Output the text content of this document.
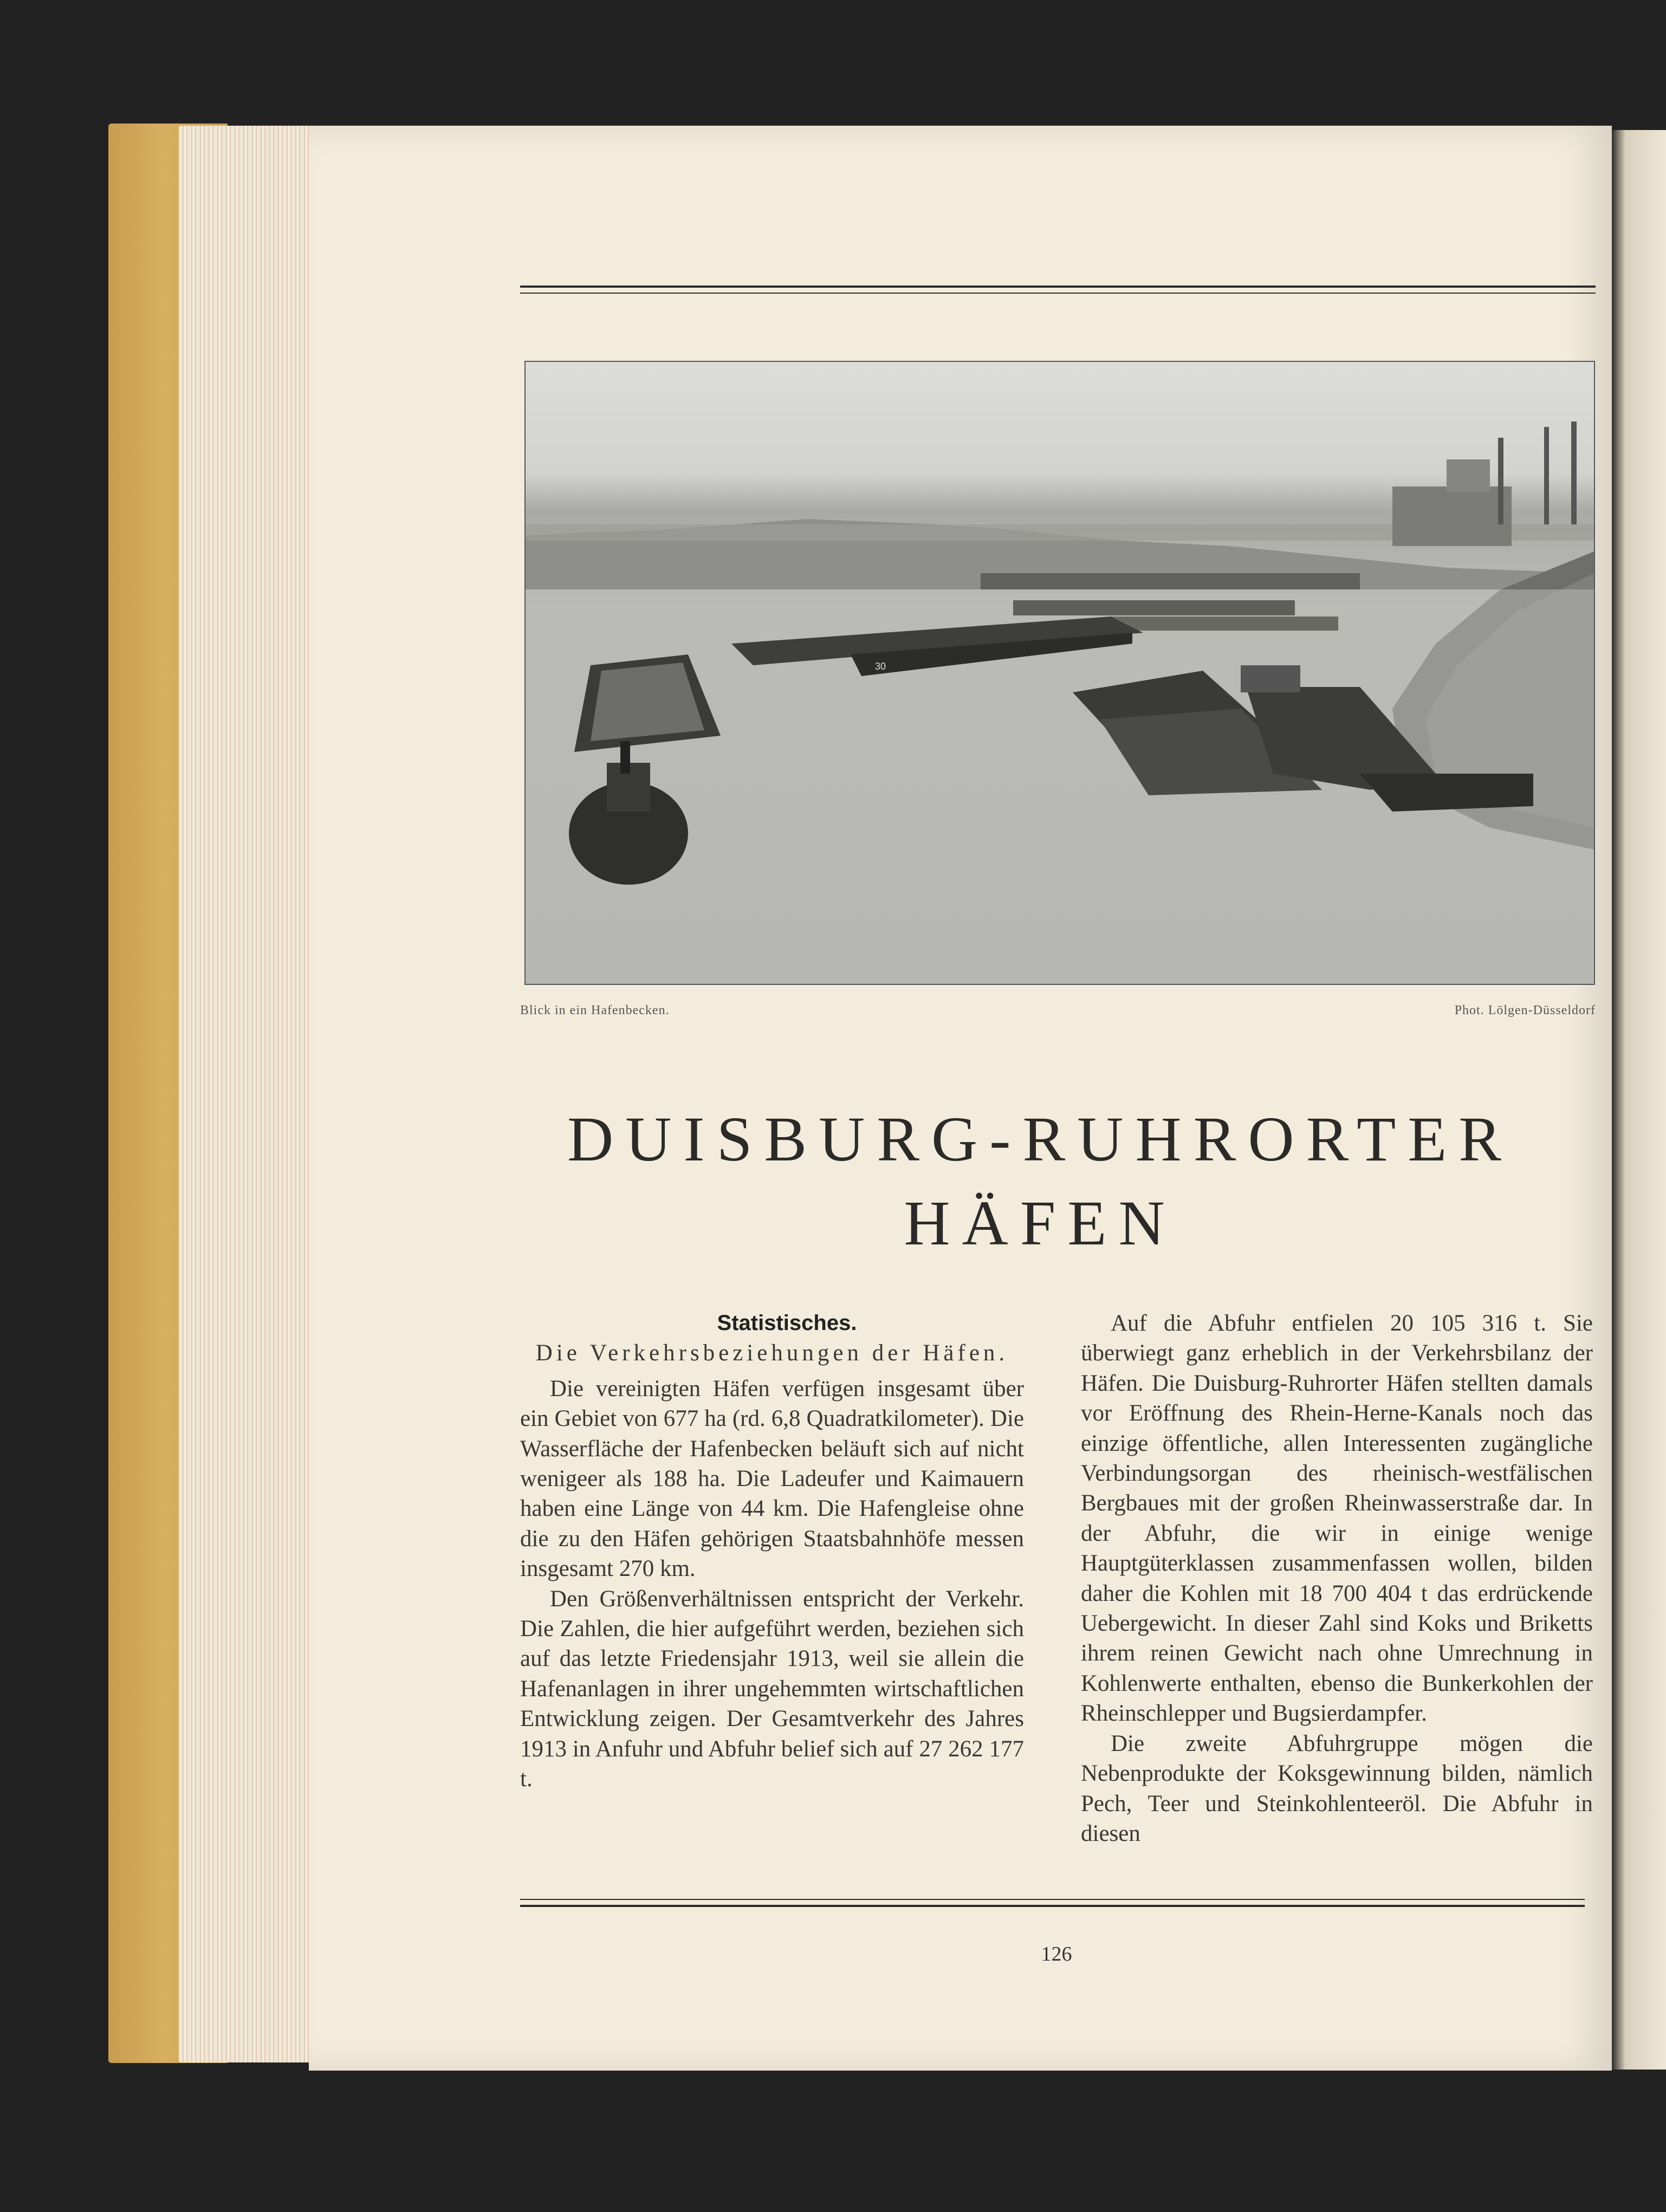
30
Blick in ein Hafenbecken.	Phot. Lölgen-Düsseldorf
DUISBURG-RUHRORTER
HÄFEN

Statistisches.

Die Verkehrsbeziehungen der Häfen.

Die vereinigten Häfen verfügen insgesamt über ein Gebiet von 677 ha (rd. 6,8 Quadratkilometer). Die Wasserfläche der Hafenbecken beläuft sich auf nicht wenigeer als 188 ha. Die Ladeufer und Kaimauern haben eine Länge von 44 km. Die Hafengleise ohne die zu den Häfen gehörigen Staatsbahnhöfe messen insgesamt 270 km.

Den Größenverhältnissen entspricht der Verkehr. Die Zahlen, die hier aufgeführt werden, beziehen sich auf das letzte Friedensjahr 1913, weil sie allein die Hafenanlagen in ihrer ungehemmten wirtschaftlichen Entwicklung zeigen. Der Gesamtverkehr des Jahres 1913 in Anfuhr und Abfuhr belief sich auf 27 262 177 t.

Auf die Abfuhr entfielen 20 105 316 t. Sie überwiegt ganz erheblich in der Verkehrsbilanz der Häfen. Die Duisburg-Ruhrorter Häfen stellten damals vor Eröffnung des Rhein-Herne-Kanals noch das einzige öffentliche, allen Interessenten zugängliche Verbindungsorgan des rheinisch-westfälischen Bergbaues mit der großen Rheinwasserstraße dar. In der Abfuhr, die wir in einige wenige Hauptgüterklassen zusammenfassen wollen, bilden daher die Kohlen mit 18 700 404 t das erdrückende Uebergewicht. In dieser Zahl sind Koks und Briketts ihrem reinen Gewicht nach ohne Umrechnung in Kohlenwerte enthalten, ebenso die Bunkerkohlen der Rheinschlepper und Bugsierdampfer.

Die zweite Abfuhrgruppe mögen die Nebenprodukte der Koksgewinnung bilden, nämlich Pech, Teer und Steinkohlenteeröl. Die Abfuhr in diesen

126
